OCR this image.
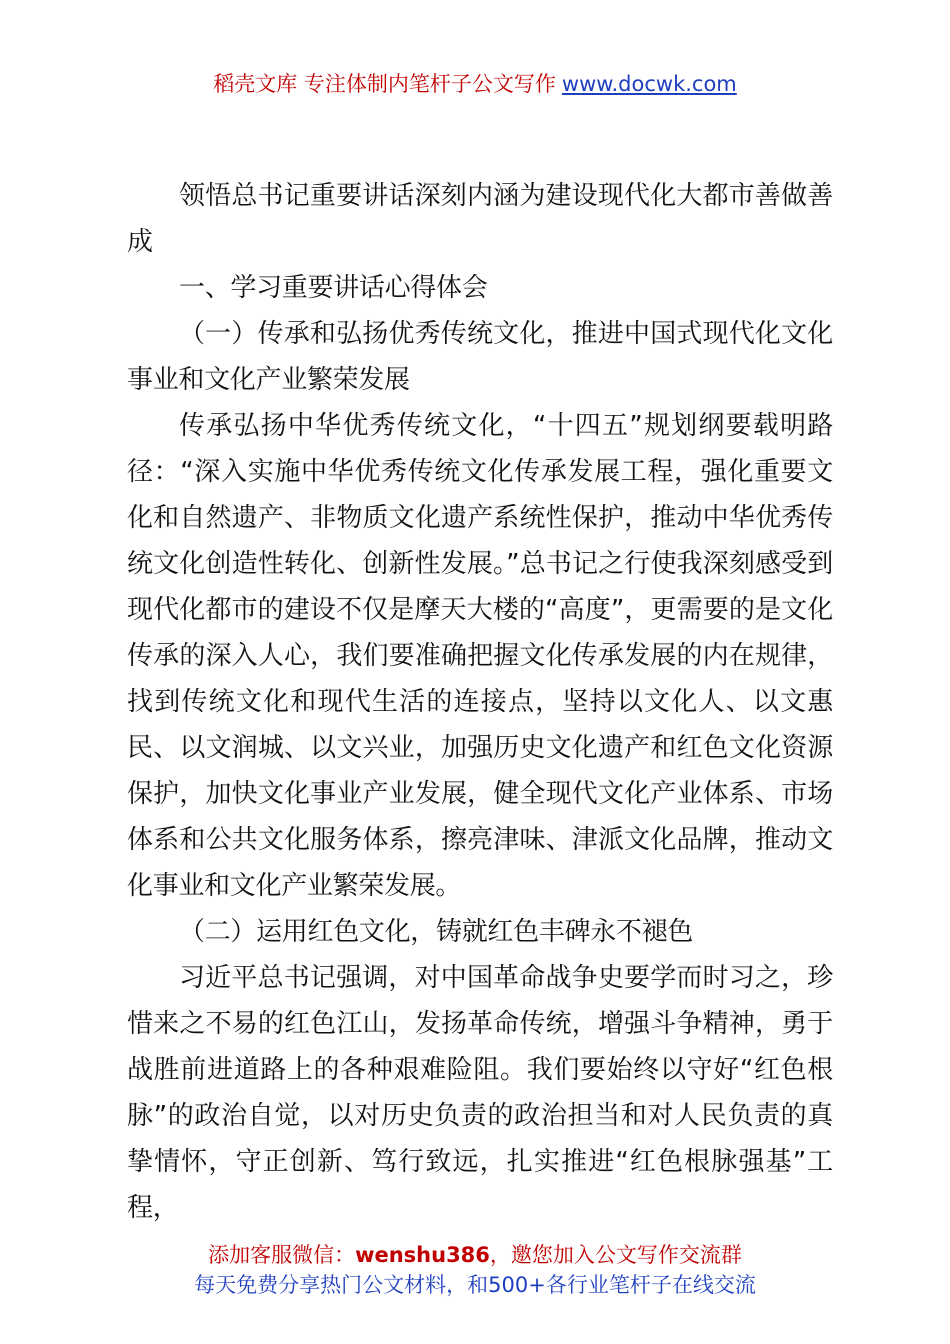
稻壳文库 专注体制内笔杆子公文写作 www.docwk.com

领悟总书记重要讲话深刻内涵为建设现代化大都市善做善成

一、学习重要讲话心得体会

（一）传承和弘扬优秀传统文化，推进中国式现代化文化事业和文化产业繁荣发展

传承弘扬中华优秀传统文化，“十四五”规划纲要载明路径：“深入实施中华优秀传统文化传承发展工程，强化重要文化和自然遗产、非物质文化遗产系统性保护，推动中华优秀传统文化创造性转化、创新性发展。”总书记之行使我深刻感受到现代化都市的建设不仅是摩天大楼的“高度”，更需要的是文化传承的深入人心，我们要准确把握文化传承发展的内在规律，找到传统文化和现代生活的连接点，坚持以文化人、以文惠民、以文润城、以文兴业，加强历史文化遗产和红色文化资源保护，加快文化事业产业发展，健全现代文化产业体系、市场体系和公共文化服务体系，擦亮津味、津派文化品牌，推动文化事业和文化产业繁荣发展。

（二）运用红色文化，铸就红色丰碑永不褪色

习近平总书记强调，对中国革命战争史要学而时习之，珍惜来之不易的红色江山，发扬革命传统，增强斗争精神，勇于战胜前进道路上的各种艰难险阻。我们要始终以守好“红色根脉”的政治自觉，以对历史负责的政治担当和对人民负责的真挚情怀，守正创新、笃行致远，扎实推进“红色根脉强基”工程，

添加客服微信：wenshu386，邀您加入公文写作交流群
每天免费分享热门公文材料，和500+各行业笔杆子在线交流
